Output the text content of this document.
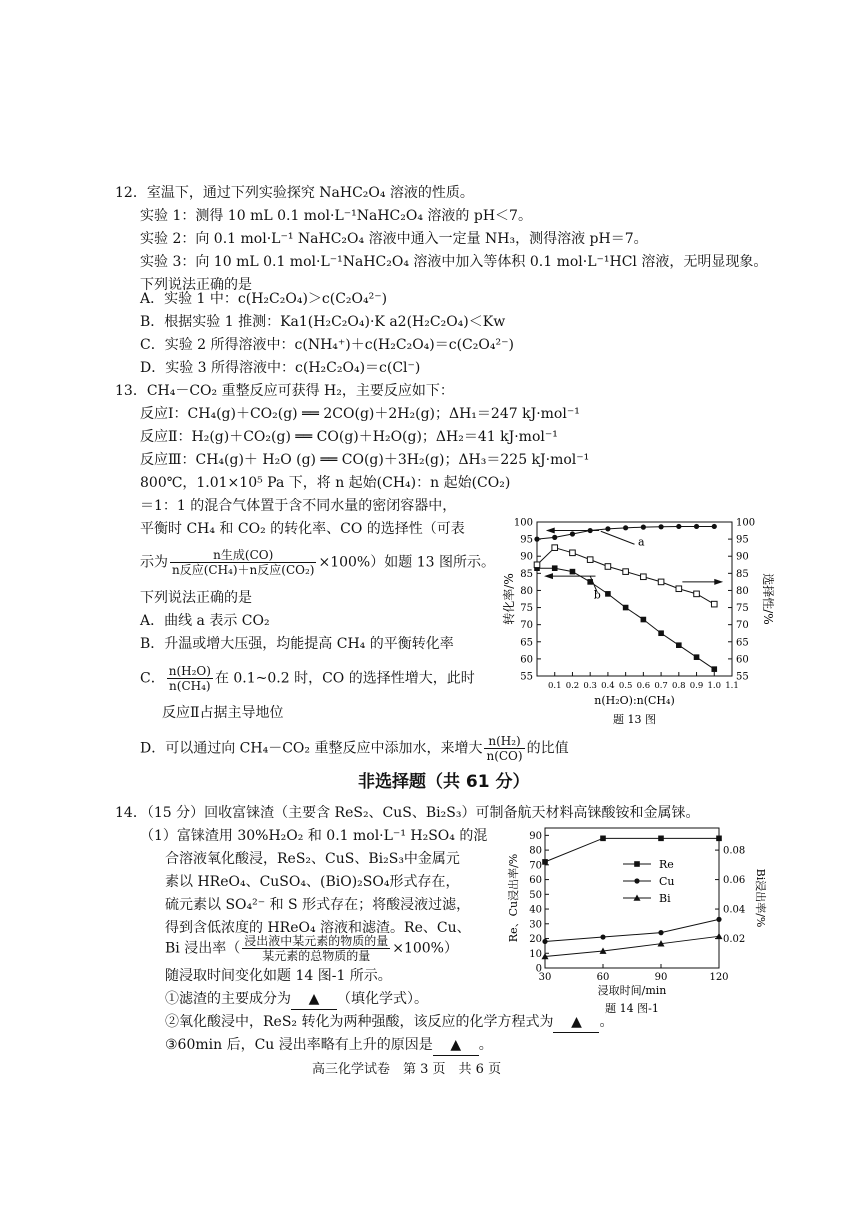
12．室温下，通过下列实验探究 NaHC₂O₄ 溶液的性质。
实验 1：测得 10 mL 0.1 mol·L⁻¹NaHC₂O₄ 溶液的 pH＜7。
实验 2：向 0.1 mol·L⁻¹ NaHC₂O₄ 溶液中通入一定量 NH₃，测得溶液 pH＝7。
实验 3：向 10 mL 0.1 mol·L⁻¹NaHC₂O₄ 溶液中加入等体积 0.1 mol·L⁻¹HCl 溶液，无明显现象。
下列说法正确的是
A．实验 1 中：c(H₂C₂O₄)＞c(C₂O₄²⁻)
B．根据实验 1 推测：Ka1(H₂C₂O₄)·K a2(H₂C₂O₄)＜Kw
C．实验 2 所得溶液中：c(NH₄⁺)＋c(H₂C₂O₄)＝c(C₂O₄²⁻)
D．实验 3 所得溶液中：c(H₂C₂O₄)＝c(Cl⁻)
13．CH₄－CO₂ 重整反应可获得 H₂，主要反应如下：
反应Ⅰ：CH₄(g)＋CO₂(g) ══ 2CO(g)＋2H₂(g)；ΔH₁＝247 kJ·mol⁻¹
反应Ⅱ：H₂(g)＋CO₂(g) ══ CO(g)＋H₂O(g)；ΔH₂＝41 kJ·mol⁻¹
反应Ⅲ：CH₄(g)＋ H₂O (g) ══ CO(g)＋3H₂(g)；ΔH₃＝225 kJ·mol⁻¹
800℃，1.01×10⁵ Pa 下，将 n 起始(CH₄)：n 起始(CO₂)
＝1：1 的混合气体置于含不同水量的密闭容器中，
平衡时 CH₄ 和 CO₂ 的转化率、CO 的选择性（可表
示为 $\frac{\text{n生成(CO)}}{\text{n反应(CH₄)＋n反应(CO₂)}} \times 100\%$）如题 13 图所示。
下列说法正确的是
A．曲线 a 表示 CO₂
B．升温或增大压强，均能提高 CH₄ 的平衡转化率
C． $\frac{\text{n(H₂O)}}{\text{n(CH₄)}}$ 在 0.1~0.2 时，CO 的选择性增大，此时
反应Ⅱ占据主导地位
D．可以通过向 CH₄－CO₂ 重整反应中添加水，来增大 $\frac{\text{n(H₂)}}{n(CO)}$ 的比值
55
60
65
70
75
80
85
90
95
100
55
60
65
70
75
80
85
90
95
100
0.1 0.2 0.3 0.4 0.5 0.6 0.7 0.8 0.9 1.0 1.1
n(H₂O):n(CH₄)
题 13 图
转化率/%	选择性/%
a
b
非选择题（共 61 分）
14．（15 分）回收富铼渣（主要含 ReS₂、CuS、Bi₂S₃）可制备航天材料高铼酸铵和金属铼。
（1）富铼渣用 30%H₂O₂ 和 0.1 mol·L⁻¹ H₂SO₄ 的混
合溶液氧化酸浸，ReS₂、CuS、Bi₂S₃中金属元
素以 HReO₄、CuSO₄、(BiO)₂SO₄形式存在，
硫元素以 SO₄²⁻ 和 S 形式存在；将酸浸液过滤，
得到含低浓度的 HReO₄ 溶液和滤渣。Re、Cu、
Bi 浸出率（ $\frac{\text{浸出液中某元素的物质的量}}{\text{某元素的总物质的量}} \times 100\%$）
随浸取时间变化如题 14 图-1 所示。
①滤渣的主要成分为 ▲ （填化学式）。
②氧化酸浸中，ReS₂ 转化为两种强酸，该反应的化学方程式为 ▲ 。
③60min 后，Cu 浸出率略有上升的原因是 ▲ 。
0
10
20
30
40
50
60
70
80
90
0.02
0.04
0.06
0.08
30	60	90	120
浸取时间/min
题 14 图-1
Re、Cu浸出率/%	Bi浸出率/%
Re
Cu
Bi
高三化学试卷　第 3 页　共 6 页
